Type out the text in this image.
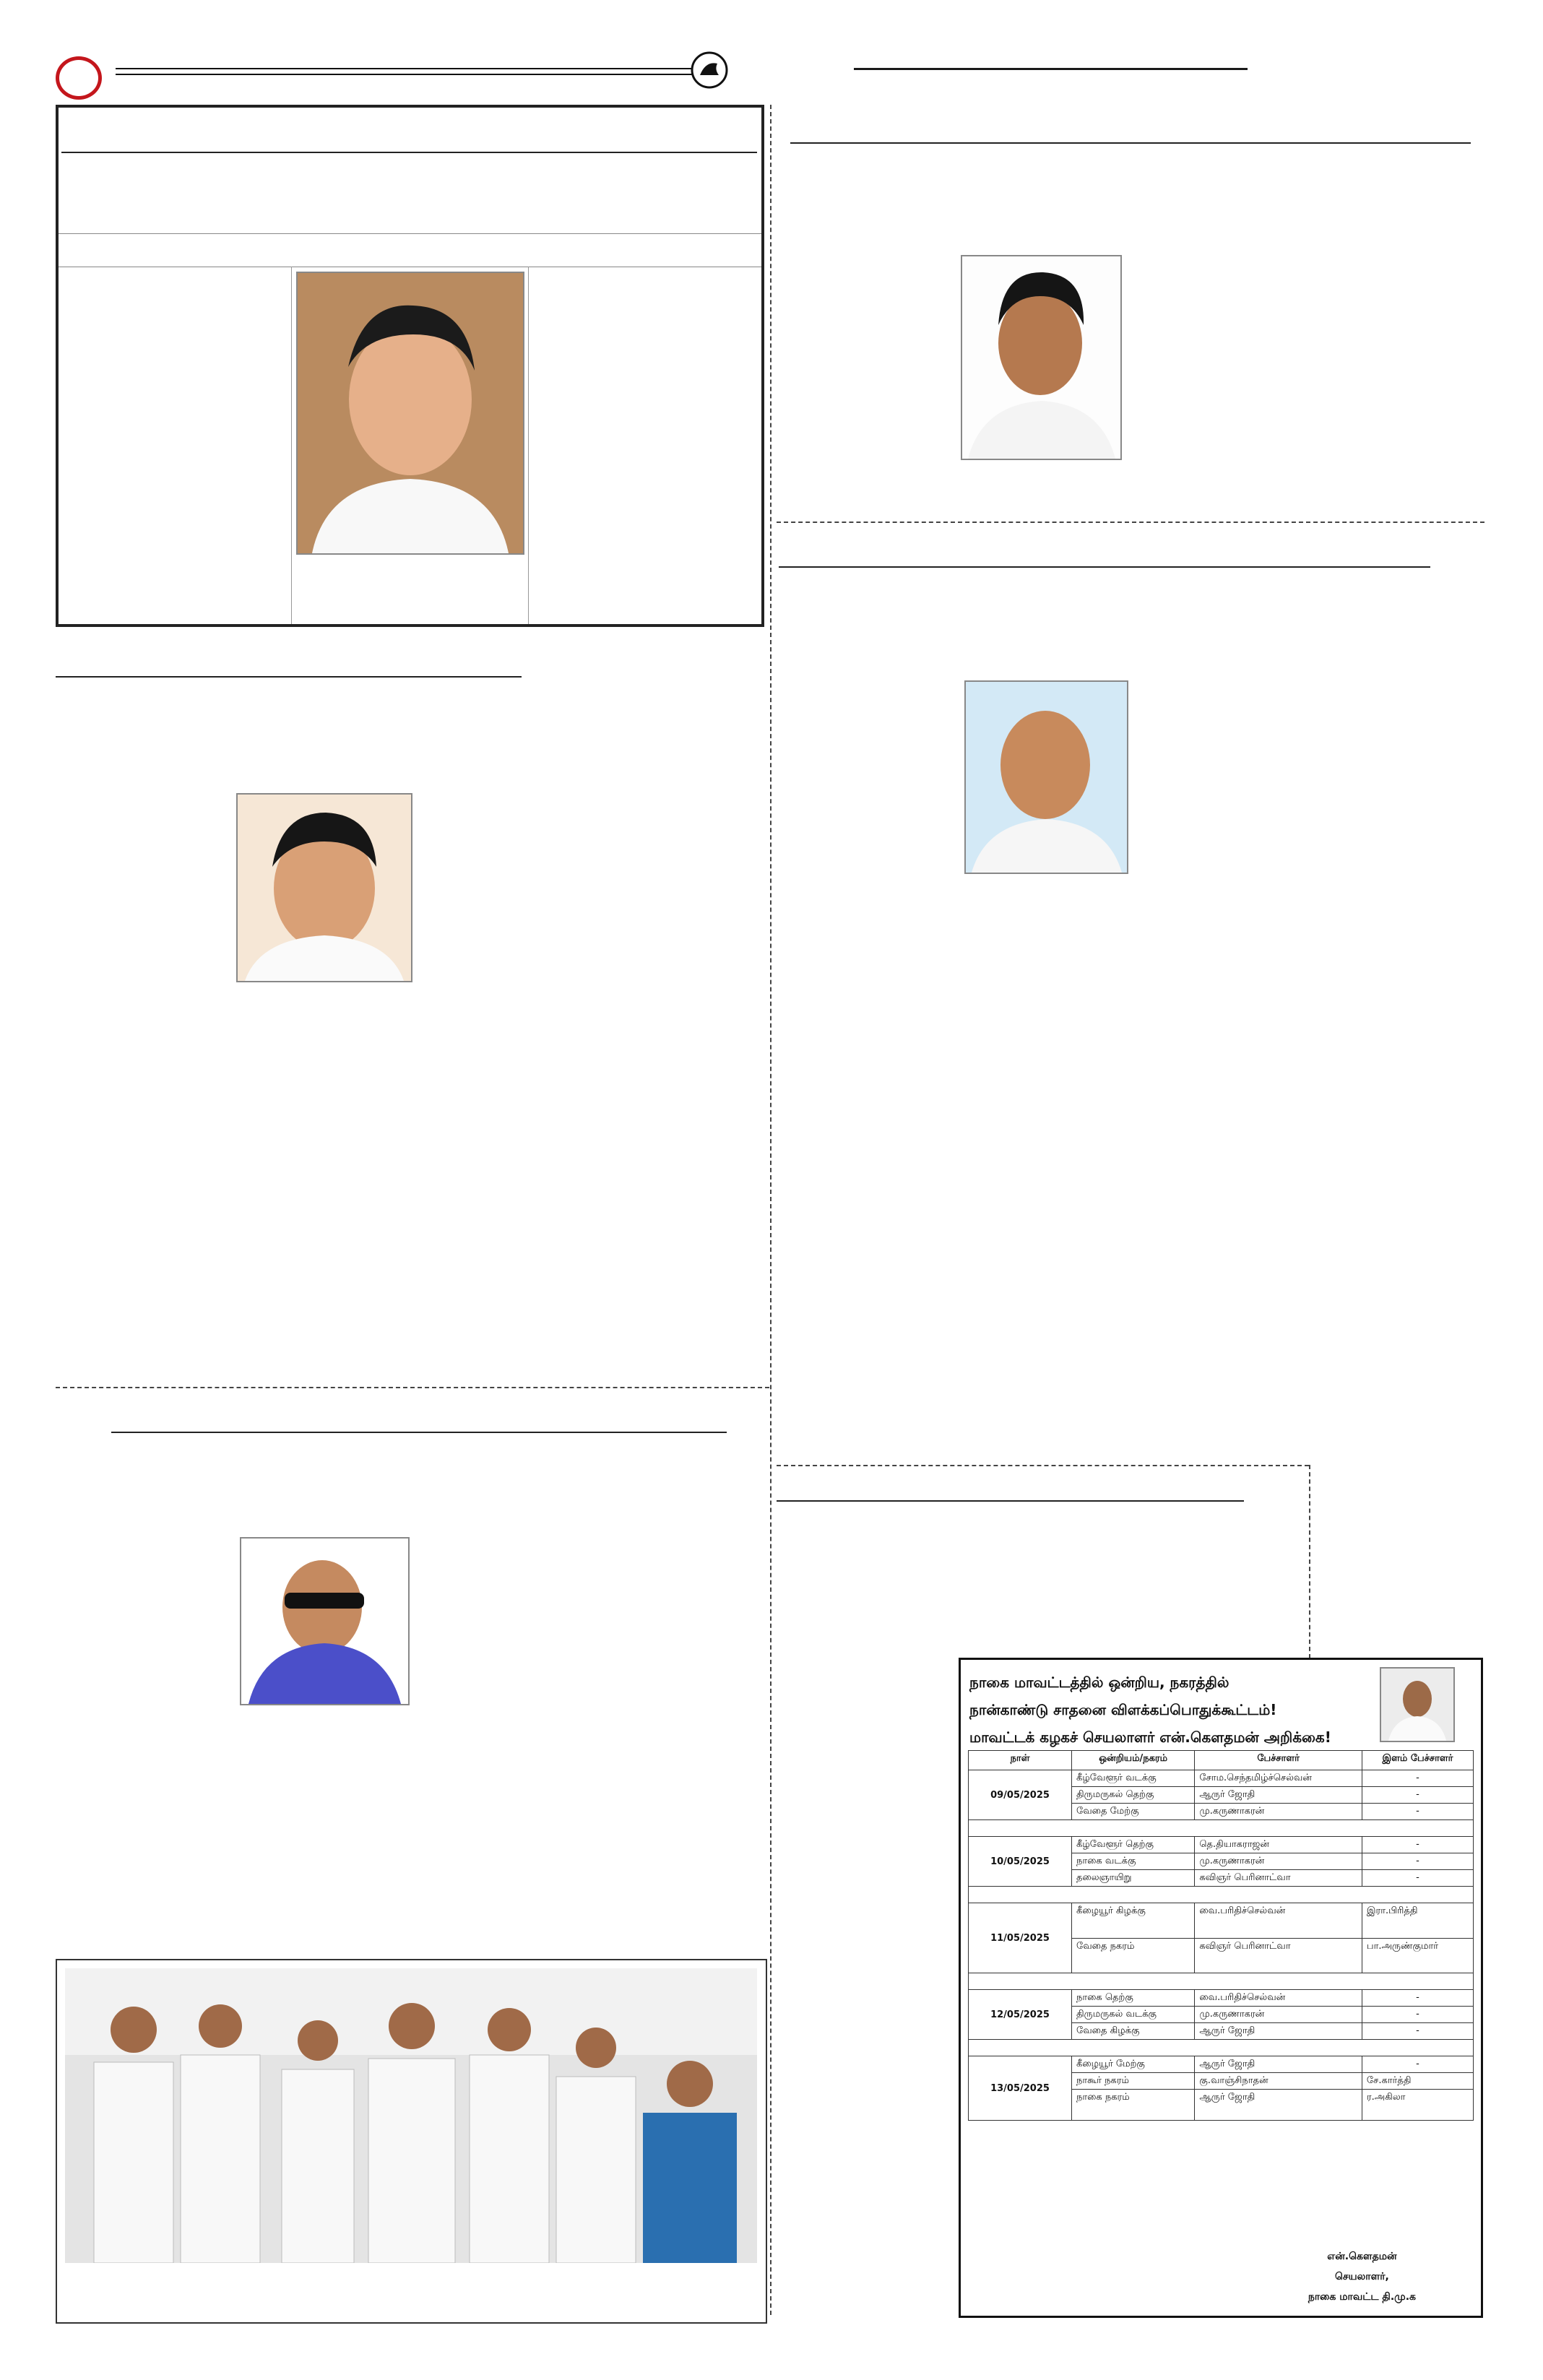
நாகை மாவட்டத்தில் ஒன்றிய, நகரத்தில்
நான்காண்டு சாதனை விளக்கப்பொதுக்கூட்டம்!
மாவட்டக் கழகச் செயலாளர் என்.கௌதமன் அறிக்கை!
நாள்	ஒன்றியம்/நகரம்	பேச்சாளர்	இளம் பேச்சாளர்
09/05/2025	கீழ்வேளூர் வடக்கு	சோம.செந்தமிழ்ச்செல்வன்	-
	திருமருகல் தெற்கு	ஆருர் ஜோதி	-
	வேதை மேற்கு	மு.கருணாகரன்	-

10/05/2025	கீழ்வேளூர் தெற்கு	தெ.தியாகராஜன்	-
	நாகை வடக்கு	மு.கருணாகரன்	-
	தலைஞாயிறு	கவிஞர் பெரினாட்வா	-

11/05/2025	கீழையூர் கிழக்கு	வை.பரிதிச்செல்வன்	இரா.பிரித்தி
	வேதை நகரம்	கவிஞர் பெரினாட்வா	பா.அருண்குமார்

12/05/2025	நாகை தெற்கு	வை.பரிதிச்செல்வன்	-
	திருமருகல் வடக்கு	மு.கருணாகரன்	-
	வேதை கிழக்கு	ஆருர் ஜோதி	-

13/05/2025	கீழையூர் மேற்கு	ஆருர் ஜோதி	-
	நாகூர் நகரம்	கு.வாஞ்சிநாதன்	சே.கார்த்தி
	நாகை நகரம்	ஆருர் ஜோதி	ர.அகிலா
என்.கௌதமன்
செயலாளர்,
நாகை மாவட்ட தி.மு.க
